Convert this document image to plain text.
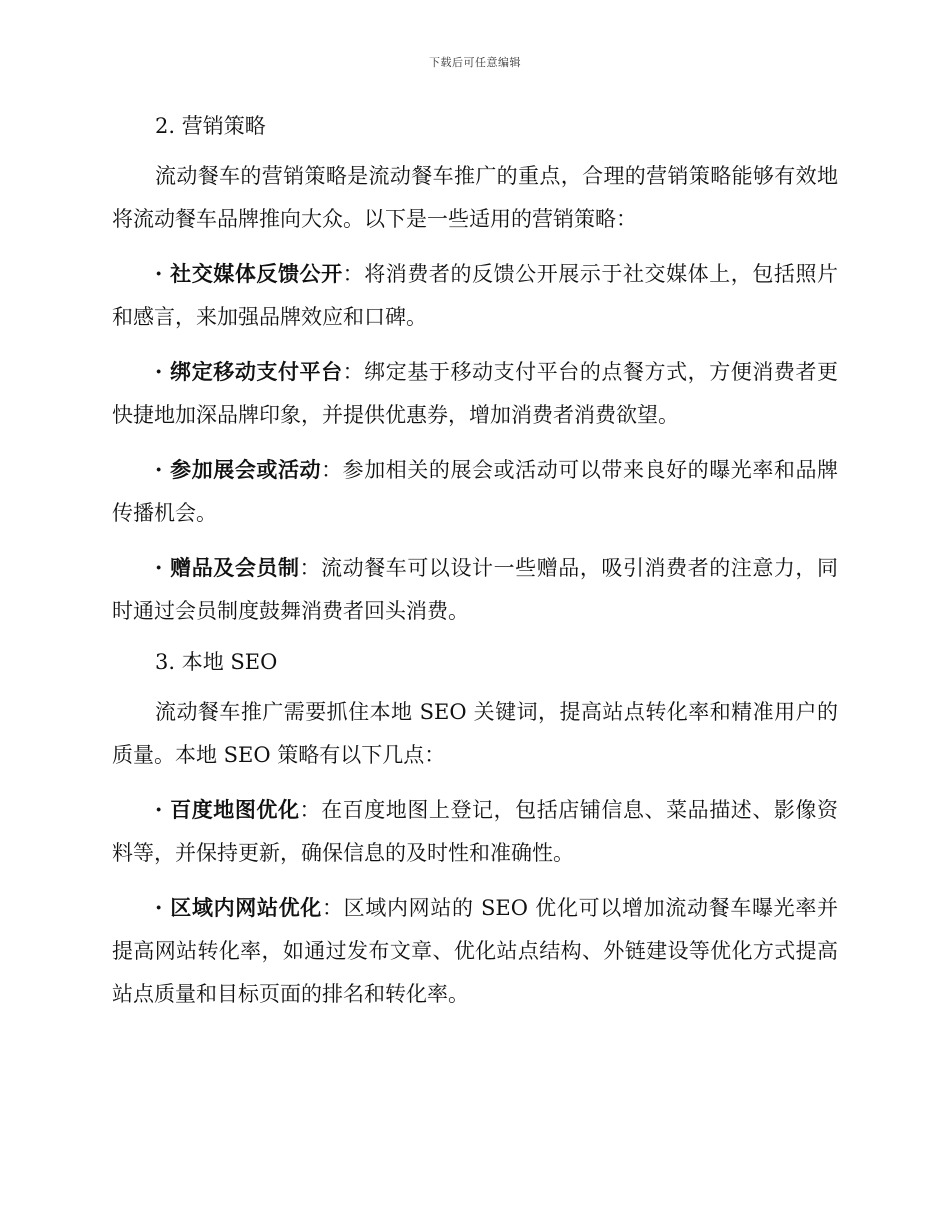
下载后可任意编辑
2. 营销策略

流动餐车的营销策略是流动餐车推广的重点，合理的营销策略能够有效地将流动餐车品牌推向大众。以下是一些适用的营销策略：

· 社交媒体反馈公开：将消费者的反馈公开展示于社交媒体上，包括照片和感言，来加强品牌效应和口碑。

· 绑定移动支付平台：绑定基于移动支付平台的点餐方式，方便消费者更快捷地加深品牌印象，并提供优惠券，增加消费者消费欲望。

· 参加展会或活动：参加相关的展会或活动可以带来良好的曝光率和品牌传播机会。

· 赠品及会员制：流动餐车可以设计一些赠品，吸引消费者的注意力，同时通过会员制度鼓舞消费者回头消费。

3. 本地 SEO

流动餐车推广需要抓住本地 SEO 关键词，提高站点转化率和精准用户的质量。本地 SEO 策略有以下几点：

· 百度地图优化：在百度地图上登记，包括店铺信息、菜品描述、影像资料等，并保持更新，确保信息的及时性和准确性。

· 区域内网站优化：区域内网站的 SEO 优化可以增加流动餐车曝光率并提高网站转化率，如通过发布文章、优化站点结构、外链建设等优化方式提高站点质量和目标页面的排名和转化率。
